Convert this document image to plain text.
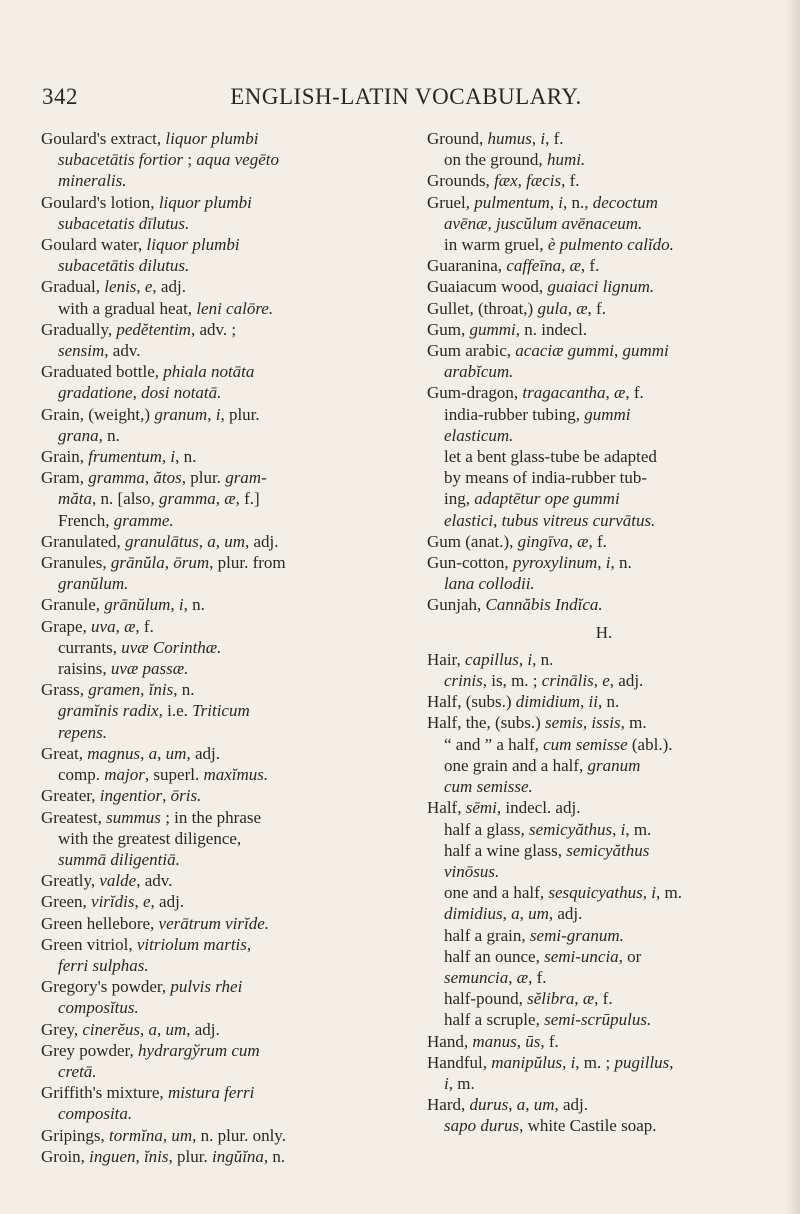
342	ENGLISH-LATIN VOCABULARY.
Goulard's extract, liquor plumbi
subacetātis fortior ; aqua vegēto
mineralis.
Goulard's lotion, liquor plumbi
subacetatis dīlutus.
Goulard water, liquor plumbi
subacetātis dilutus.
Gradual, lenis, e, adj.
with a gradual heat, leni calōre.
Gradually, pedĕtentim, adv. ;
sensim, adv.
Graduated bottle, phiala notāta
gradatione, dosi notatā.
Grain, (weight,) granum, i, plur.
grana, n.
Grain, frumentum, i, n.
Gram, gramma, ătos, plur. gram-
măta, n. [also, gramma, æ, f.]
French, gramme.
Granulated, granulātus, a, um, adj.
Granules, grānŭla, ōrum, plur. from
granŭlum.
Granule, grānŭlum, i, n.
Grape, uva, æ, f.
currants, uvæ Corinthæ.
raisins, uvæ passæ.
Grass, gramen, ĭnis, n.
gramĭnis radix, i.e. Triticum
repens.
Great, magnus, a, um, adj.
comp. major, superl. maxĭmus.
Greater, ingentior, ōris.
Greatest, summus ; in the phrase
with the greatest diligence,
summā diligentiā.
Greatly, valde, adv.
Green, virĭdis, e, adj.
Green hellebore, verātrum virĭde.
Green vitriol, vitriolum martis,
ferri sulphas.
Gregory's powder, pulvis rhei
composĭtus.
Grey, cinerĕus, a, um, adj.
Grey powder, hydrargўrum cum
cretā.
Griffith's mixture, mistura ferri
composita.
Gripings, tormĭna, um, n. plur. only.
Groin, inguen, ĭnis, plur. ingŭĭna, n.
Ground, humus, i, f.
on the ground, humi.
Grounds, fæx, fæcis, f.
Gruel, pulmentum, i, n., decoctum
avēnæ, juscŭlum avēnaceum.
in warm gruel, è pulmento calĭdo.
Guaranina, caffeīna, æ, f.
Guaiacum wood, guaiaci lignum.
Gullet, (throat,) gula, æ, f.
Gum, gummi, n. indecl.
Gum arabic, acaciæ gummi, gummi
arabĭcum.
Gum-dragon, tragacantha, æ, f.
india-rubber tubing, gummi
elasticum.
let a bent glass-tube be adapted
by means of india-rubber tub-
ing, adaptētur ope gummi
elastici, tubus vitreus curvātus.
Gum (anat.), gingīva, æ, f.
Gun-cotton, pyroxylinum, i, n.
lana collodii.
Gunjah, Cannăbis Indĭca.
H.
Hair, capillus, i, n.
crinis, is, m. ; crinālis, e, adj.
Half, (subs.) dimidium, ii, n.
Half, the, (subs.) semis, issis, m.
“ and ” a half, cum semisse (abl.).
one grain and a half, granum
cum semisse.
Half, sēmi, indecl. adj.
half a glass, semicyăthus, i, m.
half a wine glass, semicyăthus
vinōsus.
one and a half, sesquicyathus, i, m.
dimidius, a, um, adj.
half a grain, semi-granum.
half an ounce, semi-uncia, or
semuncia, æ, f.
half-pound, sĕlibra, æ, f.
half a scruple, semi-scrūpulus.
Hand, manus, ūs, f.
Handful, manipŭlus, i, m. ; pugillus,
i, m.
Hard, durus, a, um, adj.
sapo durus, white Castile soap.
